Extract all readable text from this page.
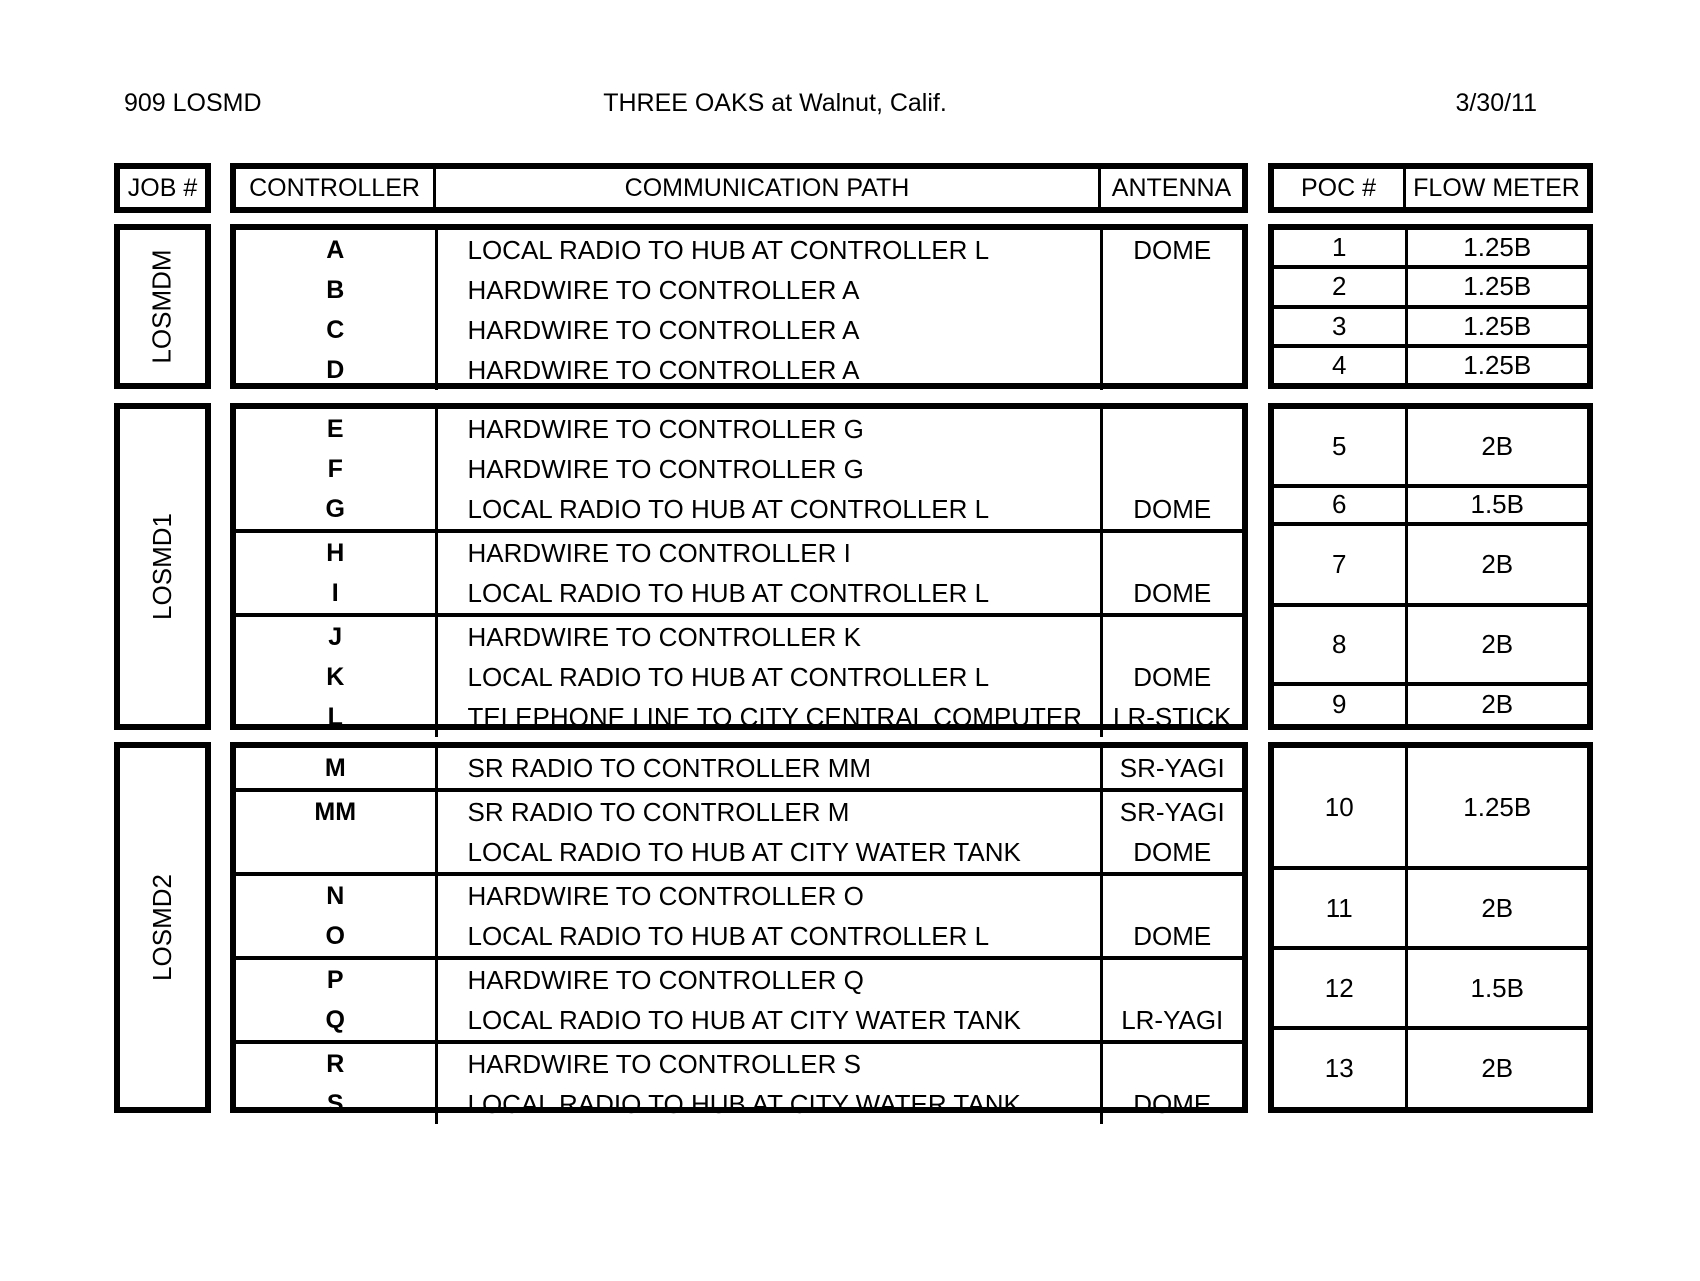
909 LOSMD	THREE OAKS at Walnut, Calif.	3/30/11
JOB #	CONTROLLER	COMMUNICATION PATH	ANTENNA	POC #	FLOW METER
LOSMDM	A	LOCAL RADIO TO HUB AT CONTROLLER L	DOME
B	HARDWIRE TO CONTROLLER A	
C	HARDWIRE TO CONTROLLER A	
D	HARDWIRE TO CONTROLLER A	
1	1.25B
2	1.25B
3	1.25B
4	1.25B
LOSMD1
E	HARDWIRE TO CONTROLLER G	
F	HARDWIRE TO CONTROLLER G	
G	LOCAL RADIO TO HUB AT CONTROLLER L	DOME
H	HARDWIRE TO CONTROLLER I	
I	LOCAL RADIO TO HUB AT CONTROLLER L	DOME
J	HARDWIRE TO CONTROLLER K	
K	LOCAL RADIO TO HUB AT CONTROLLER L	DOME
L	TELEPHONE LINE TO CITY CENTRAL COMPUTER	LR-STICK
5	2B
6	1.5B
7	2B
8	2B
9	2B
LOSMD2
M	SR RADIO TO CONTROLLER MM	SR-YAGI
MM	SR RADIO TO CONTROLLER M	SR-YAGI
	LOCAL RADIO TO HUB AT CITY WATER TANK	DOME
N	HARDWIRE TO CONTROLLER O	
O	LOCAL RADIO TO HUB AT CONTROLLER L	DOME
P	HARDWIRE TO CONTROLLER Q	
Q	LOCAL RADIO TO HUB AT CITY WATER TANK	LR-YAGI
R	HARDWIRE TO CONTROLLER S	
S	LOCAL RADIO TO HUB AT CITY WATER TANK	DOME
10	1.25B
11	2B
12	1.5B
13	2B
